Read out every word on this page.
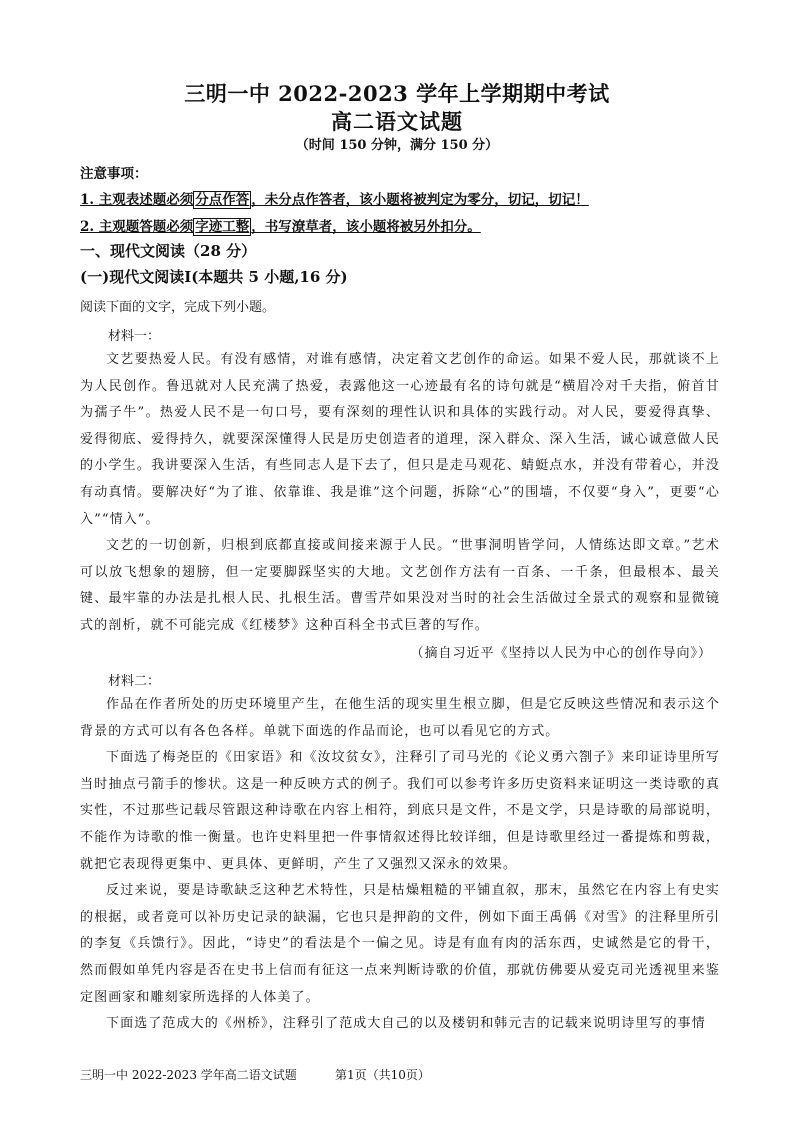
三明一中 2022-2023 学年上学期期中考试
高二语文试题
（时间 150 分钟，满分 150 分）
注意事项：
1. 主观表述题必须 分点作答 ，未分点作答者，该小题将被判定为零分，切记，切记！
2. 主观题答题必须 字迹工整 ，书写潦草者，该小题将被另外扣分。
一、现代文阅读（28 分）
(一)现代文阅读Ⅰ(本题共 5 小题,16 分)
阅读下面的文字，完成下列小题。
材料一：

文艺要热爱人民。有没有感情，对谁有感情，决定着文艺创作的命运。如果不爱人民，那就谈不上为人民创作。鲁迅就对人民充满了热爱，表露他这一心迹最有名的诗句就是“横眉冷对千夫指，俯首甘为孺子牛”。热爱人民不是一句口号，要有深刻的理性认识和具体的实践行动。对人民，要爱得真挚、爱得彻底、爱得持久，就要深深懂得人民是历史创造者的道理，深入群众、深入生活，诚心诚意做人民的小学生。我讲要深入生活，有些同志人是下去了，但只是走马观花、蜻蜓点水，并没有带着心，并没有动真情。要解决好“为了谁、依靠谁、我是谁”这个问题，拆除“心”的围墙，不仅要“身入”，更要“心入”“情入”。

文艺的一切创新，归根到底都直接或间接来源于人民。“世事洞明皆学问，人情练达即文章。”艺术可以放飞想象的翅膀，但一定要脚踩坚实的大地。文艺创作方法有一百条、一千条，但最根本、最关键、最牢靠的办法是扎根人民、扎根生活。曹雪芹如果没对当时的社会生活做过全景式的观察和显微镜式的剖析，就不可能完成《红楼梦》这种百科全书式巨著的写作。

（摘自习近平《坚持以人民为中心的创作导向》）
材料二：

作品在作者所处的历史环境里产生，在他生活的现实里生根立脚，但是它反映这些情况和表示这个背景的方式可以有各色各样。单就下面选的作品而论，也可以看见它的方式。

下面选了梅尧臣的《田家语》和《汝坟贫女》，注释引了司马光的《论义勇六劄子》来印证诗里所写当时抽点弓箭手的惨状。这是一种反映方式的例子。我们可以参考许多历史资料来证明这一类诗歌的真实性，不过那些记载尽管跟这种诗歌在内容上相符，到底只是文件，不是文学，只是诗歌的局部说明，不能作为诗歌的惟一衡量。也许史料里把一件事情叙述得比较详细，但是诗歌里经过一番提炼和剪裁，就把它表现得更集中、更具体、更鲜明，产生了又强烈又深永的效果。

反过来说，要是诗歌缺乏这种艺术特性，只是枯燥粗糙的平铺直叙，那末，虽然它在内容上有史实的根据，或者竟可以补历史记录的缺漏，它也只是押韵的文件，例如下面王禹偁《对雪》的注释里所引的李复《兵馈行》。因此，“诗史”的看法是个一偏之见。诗是有血有肉的活东西，史诚然是它的骨干，然而假如单凭内容是否在史书上信而有征这一点来判断诗歌的价值，那就仿佛要从爱克司光透视里来鉴定图画家和雕刻家所选择的人体美了。

下面选了范成大的《州桥》，注释引了范成大自己的以及楼钥和韩元吉的记载来说明诗里写的事情

三明一中 2022-2023 学年高二语文试题	第1页（共10页）
